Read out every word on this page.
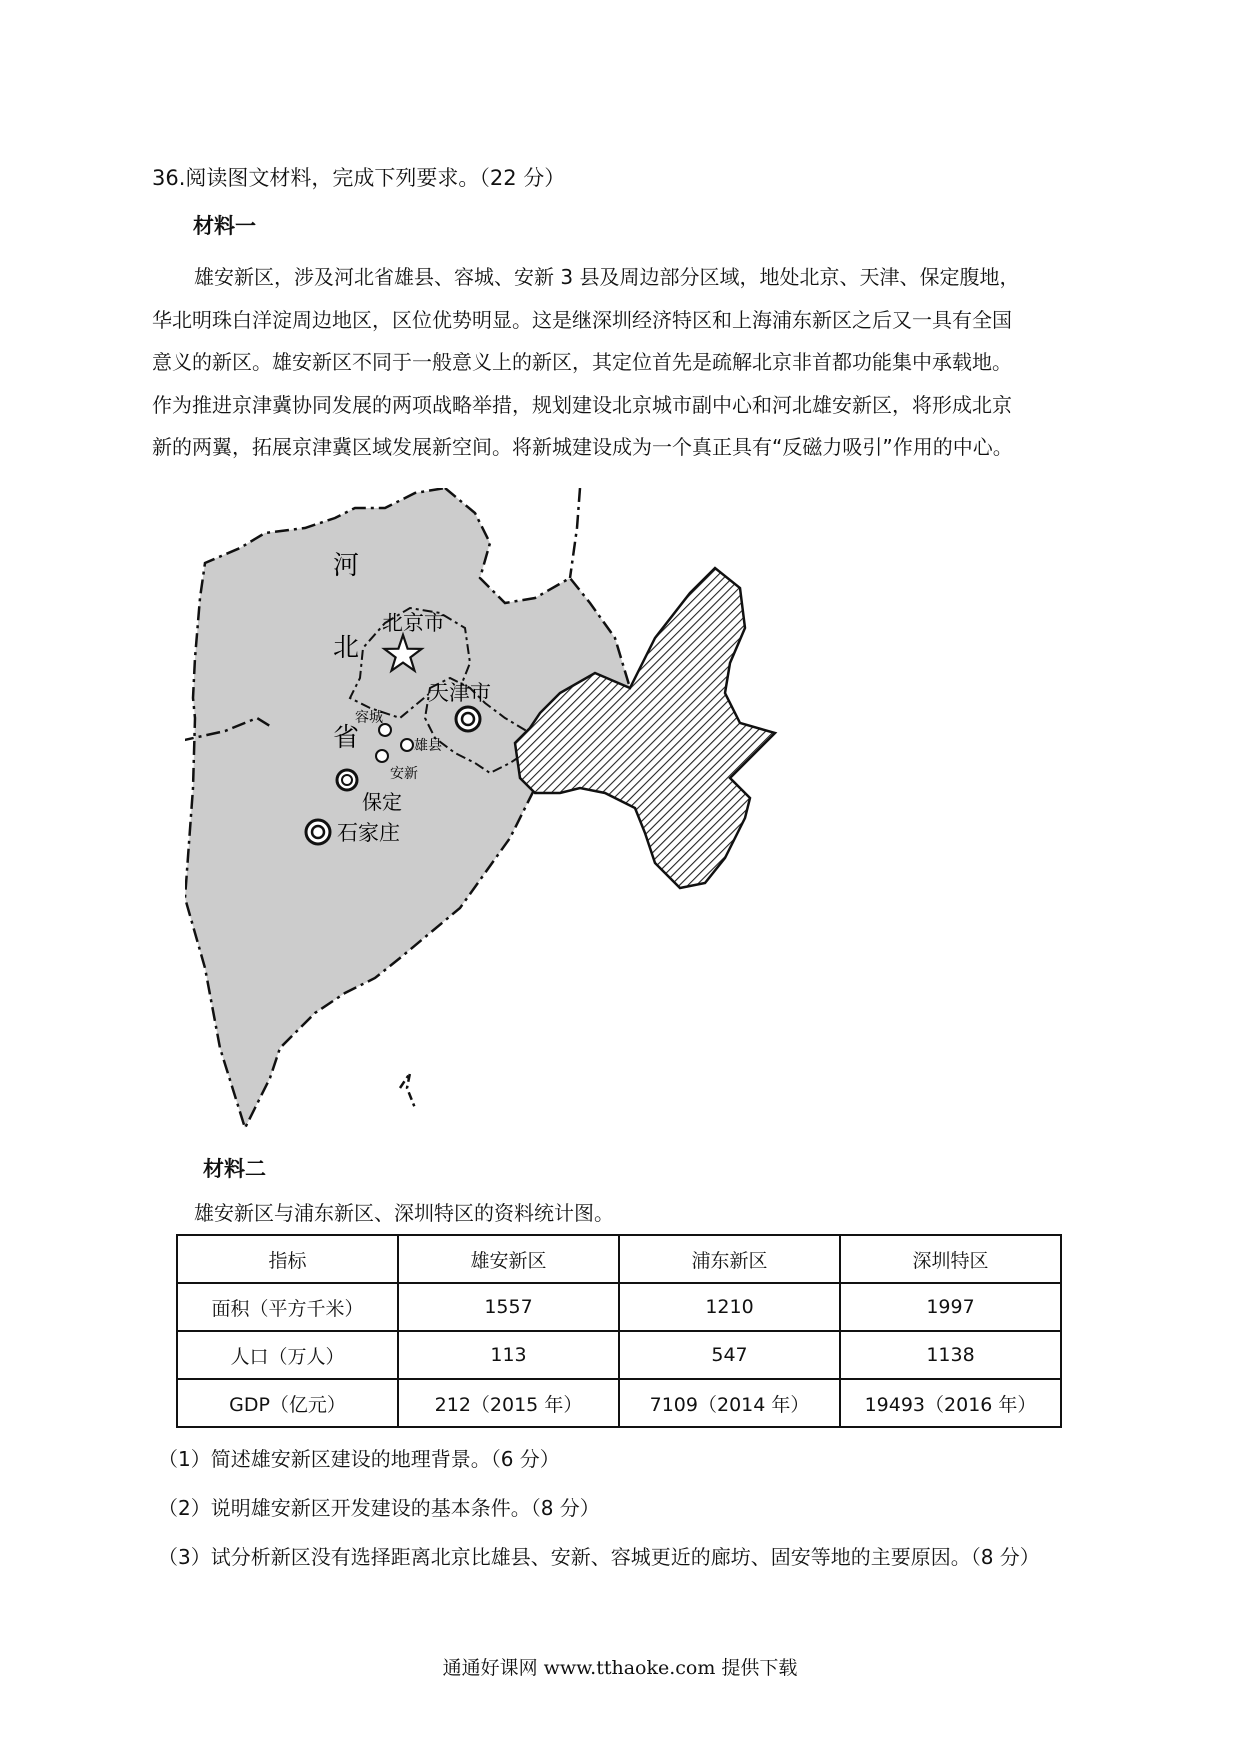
36.阅读图文材料，完成下列要求。（22 分）
材料一

雄安新区，涉及河北省雄县、容城、安新 3 县及周边部分区域，地处北京、天津、保定腹地，

华北明珠白洋淀周边地区，区位优势明显。这是继深圳经济特区和上海浦东新区之后又一具有全国

意义的新区。雄安新区不同于一般意义上的新区，其定位首先是疏解北京非首都功能集中承载地。

作为推进京津冀协同发展的两项战略举措，规划建设北京城市副中心和河北雄安新区，将形成北京

新的两翼，拓展京津冀区域发展新空间。将新城建设成为一个真正具有“反磁力吸引”作用的中心。

河
北
省
北京市
天津市
容城
雄县
安新
保定
石家庄
材料二
雄安新区与浦东新区、深圳特区的资料统计图。
指标	雄安新区	浦东新区	深圳特区
面积（平方千米）	1557	1210	1997
人口（万人）	113	547	1138
GDP（亿元）	212（2015 年）	7109（2014 年）	19493（2016 年）
（1）简述雄安新区建设的地理背景。（6 分）
（2）说明雄安新区开发建设的基本条件。（8 分）
（3）试分析新区没有选择距离北京比雄县、安新、容城更近的廊坊、固安等地的主要原因。（8 分）
通通好课网 www.tthaoke.com 提供下载
